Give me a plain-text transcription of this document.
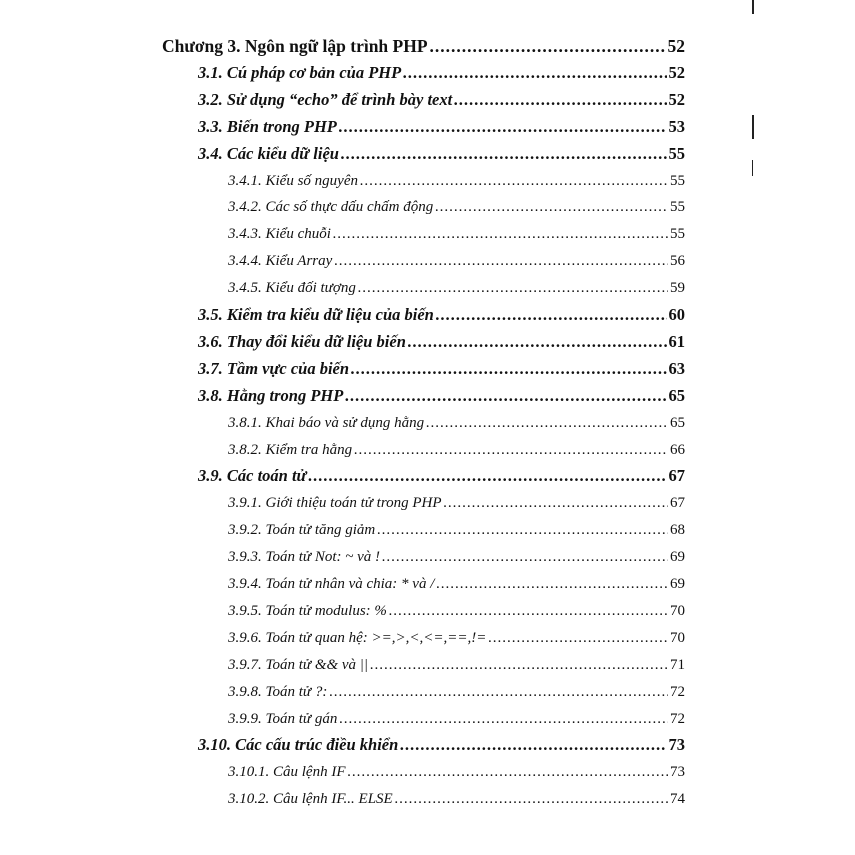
Chương 3. Ngôn ngữ lập trình PHP .....	52
3.1. Cú pháp cơ bản của PHP .....	52
3.2. Sử dụng “echo” để trình bày text .....	52
3.3. Biến trong PHP .....	53
3.4. Các kiểu dữ liệu .....	55
3.4.1. Kiểu số nguyên .....	55
3.4.2. Các số thực dấu chấm động .....	55
3.4.3. Kiểu chuỗi .....	55
3.4.4. Kiểu Array .....	56
3.4.5. Kiểu đối tượng .....	59
3.5. Kiểm tra kiểu dữ liệu của biến .....	60
3.6. Thay đổi kiểu dữ liệu biến .....	61
3.7. Tầm vực của biến .....	63
3.8. Hằng trong PHP .....	65
3.8.1. Khai báo và sử dụng hằng .....	65
3.8.2. Kiểm tra hằng .....	66
3.9. Các toán tử .....	67
3.9.1. Giới thiệu toán tử trong PHP .....	67
3.9.2. Toán tử tăng giảm .....	68
3.9.3. Toán tử Not: ~ và ! .....	69
3.9.4. Toán tử nhân và chia: * và / .....	69
3.9.5. Toán tử modulus: % .....	70
3.9.6. Toán tử quan hệ: >=,>,<,<=,==,!= .....	70
3.9.7. Toán tử && và || .....	71
3.9.8. Toán tử ?: .....	72
3.9.9. Toán tử gán .....	72
3.10. Các cấu trúc điều khiển .....	73
3.10.1. Câu lệnh IF .....	73
3.10.2. Câu lệnh IF... ELSE .....	74
